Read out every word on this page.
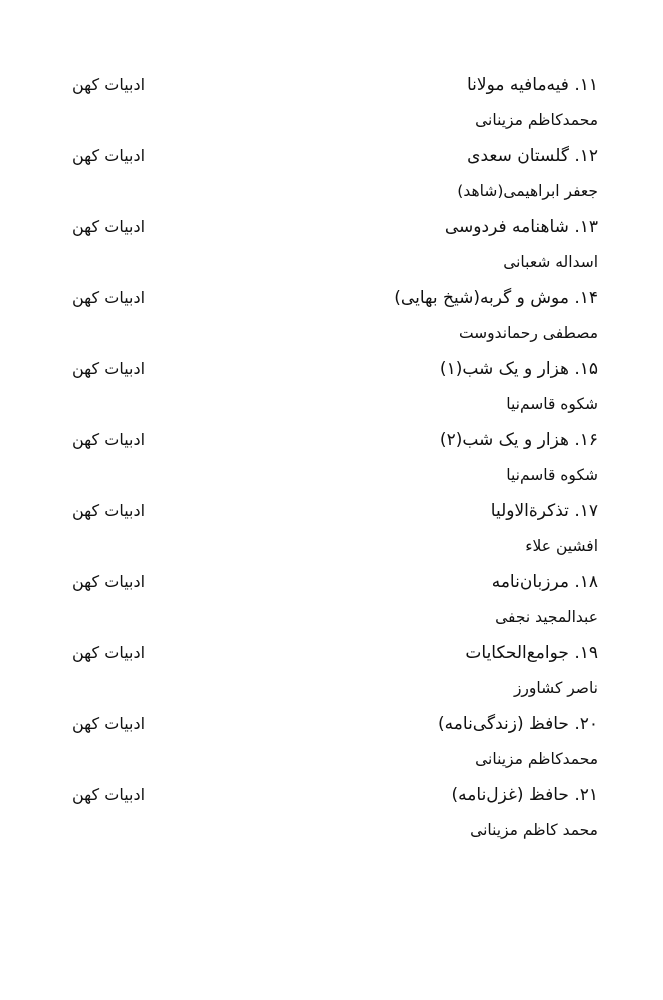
۱۱. فیه‌مافیه مولانا
ادبیات کهن
محمدکاظم مزینانی
۱۲. گلستان سعدی
ادبیات کهن
جعفر ابراهیمی(شاهد)
۱۳. شاهنامه فردوسی
ادبیات کهن
اسداله شعبانی
۱۴. موش و گربه(شیخ بهایی)
ادبیات کهن
مصطفی رحماندوست
۱۵. هزار و یک شب(۱)
ادبیات کهن
شکوه قاسم‌نیا
۱۶. هزار و یک شب(۲)
ادبیات کهن
شکوه قاسم‌نیا
۱۷. تذکرةالاولیا
ادبیات کهن
افشین علاء
۱۸. مرزبان‌نامه
ادبیات کهن
عبدالمجید نجفی
۱۹. جوامع‌الحکایات
ادبیات کهن
ناصر کشاورز
۲۰. حافظ (زندگی‌نامه)
ادبیات کهن
محمدکاظم مزینانی
۲۱. حافظ (غزل‌نامه)
ادبیات کهن
محمد کاظم مزینانی
